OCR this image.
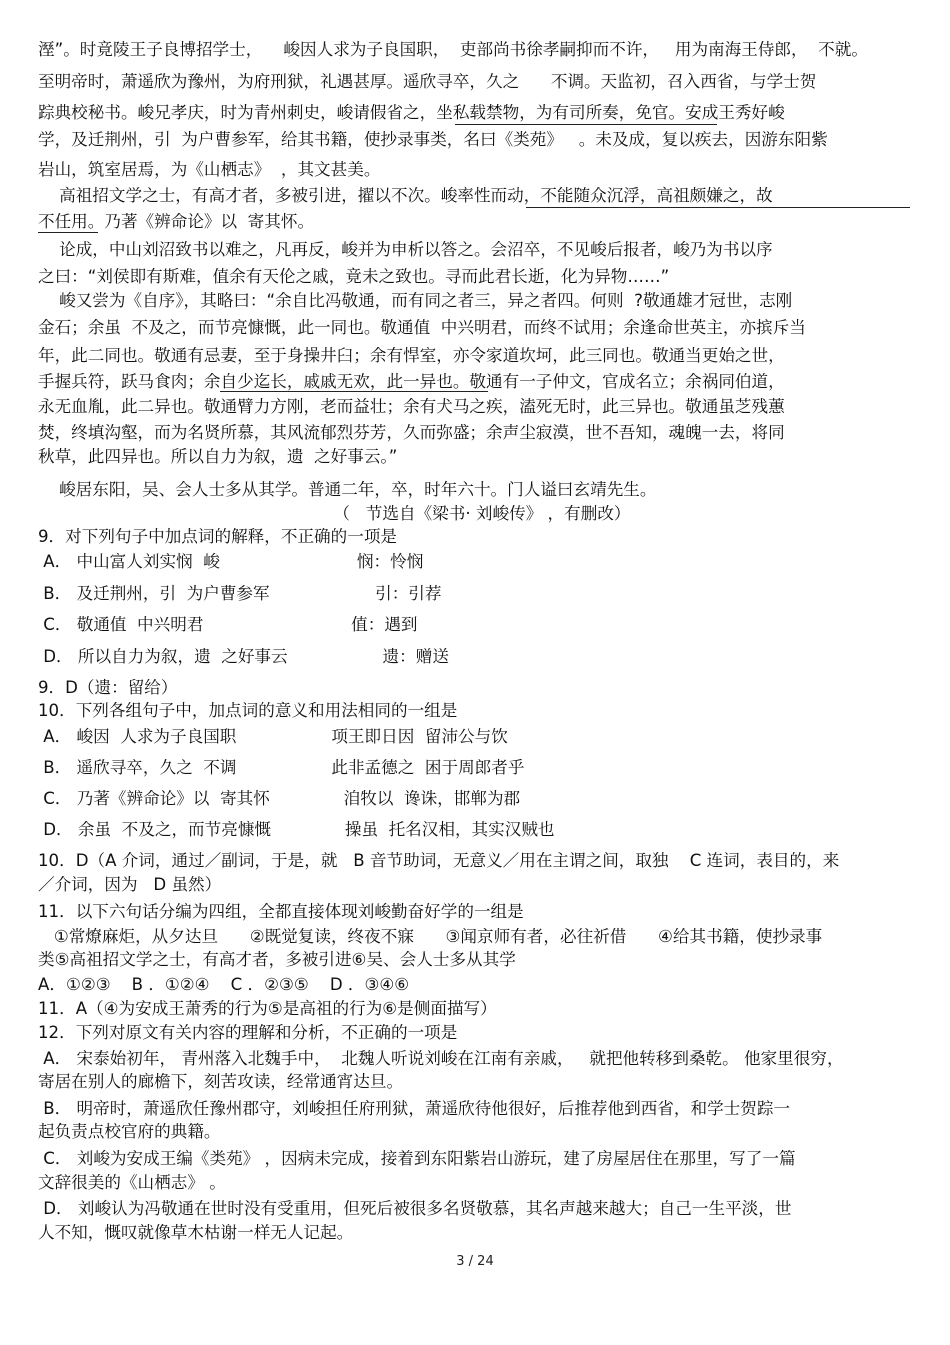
溼”。时竟陵王子良博招学士，    峻因人求为子良国职，  吏部尚书徐孝嗣抑而不许，   用为南海王侍郎，  不就。
至明帝时，萧遥欣为豫州，为府刑狱，礼遇甚厚。遥欣寻卒，久之      不调。天监初，召入西省，与学士贺
踪典校秘书。峻兄孝庆，时为青州刺史，峻请假省之，坐私载禁物，为有司所奏，免官。安成王秀好峻
学，及迁荆州，引  为户曹参军，给其书籍，使抄录事类，名曰《类苑》   。未及成，复以疾去，因游东阳紫
岩山，筑室居焉，为《山栖志》  ，其文甚美。
高祖招文学之士，有高才者，多被引进，擢以不次。峻率性而动，不能随众沉浮，高祖颇嫌之，故
不任用。乃著《辨命论》以  寄其怀。
论成，中山刘沼致书以难之，凡再反，峻并为申析以答之。会沼卒，不见峻后报者，峻乃为书以序
之曰：“刘侯即有斯难，值余有天伦之戚，竟未之致也。寻而此君长逝，化为异物……”
峻又尝为《自序》，其略曰：“余自比冯敬通，而有同之者三，异之者四。何则  ?敬通雄才冠世，志刚
金石；余虽  不及之，而节亮慷慨，此一同也。敬通值  中兴明君，而终不试用；余逢命世英主，亦摈斥当
年，此二同也。敬通有忌妻，至于身操井臼；余有悍室，亦令家道坎坷，此三同也。敬通当更始之世，
手握兵符，跃马食肉；余自少迄长，戚戚无欢，此一异也。敬通有一子仲文，官成名立；余祸同伯道，
永无血胤，此二异也。敬通臂力方刚，老而益壮；余有犬马之疾，溘死无时，此三异也。敬通虽芝残蕙
焚，终填沟壑，而为名贤所慕，其风流郁烈芬芳，久而弥盛；余声尘寂漠，世不吾知，魂魄一去，将同
秋草，此四异也。所以自力为叙，遗  之好事云。”
峻居东阳，吴、会人士多从其学。普通二年，卒，时年六十。门人谥曰玄靖先生。
（   节选自《梁书· 刘峻传》 ，有删改）
9．对下列句子中加点词的解释，不正确的一项是
A． 中山富人刘实悯  峻                          悯：怜悯
B． 及迁荆州，引  为户曹参军                    引：引荐
C． 敬通值  中兴明君                            值：遇到
D． 所以自力为叙，遗  之好事云                  遗：赠送
9．D（遗：留给）
10．下列各组句子中，加点词的意义和用法相同的一组是
A． 峻因  人求为子良国职                  项王即日因  留沛公与饮
B． 遥欣寻卒，久之  不调                  此非孟德之  困于周郎者乎
C． 乃著《辨命论》以  寄其怀              洎牧以  谗诛，邯郸为郡
D． 余虽  不及之，而节亮慷慨              操虽  托名汉相，其实汉贼也
10．D（A 介词，通过／副词，于是，就   B 音节助词，无意义／用在主谓之间，取独    C 连词，表目的，来
／介词，因为   D 虽然）
11．以下六句话分编为四组，全都直接体现刘峻勤奋好学的一组是
①常燎麻炬，从夕达旦      ②既觉复读，终夜不寐      ③闻京师有者，必往祈借      ④给其书籍，使抄录事
类⑤高祖招文学之士，有高才者，多被引进⑥吴、会人士多从其学
A．①②③    B ．①②④    C ．②③⑤    D ．③④⑥
11．A（④为安成王萧秀的行为⑤是高祖的行为⑥是侧面描写）
12．下列对原文有关内容的理解和分析，不正确的一项是
A． 宋泰始初年， 青州落入北魏手中，  北魏人听说刘峻在江南有亲戚，   就把他转移到桑乾。 他家里很穷，
寄居在别人的廊檐下，刻苦攻读，经常通宵达旦。
B． 明帝时，萧遥欣任豫州郡守，刘峻担任府刑狱，萧遥欣待他很好，后推荐他到西省，和学士贺踪一
起负责点校官府的典籍。
C． 刘峻为安成王编《类苑》 ，因病未完成，接着到东阳紫岩山游玩，建了房屋居住在那里，写了一篇
文辞很美的《山栖志》 。
D． 刘峻认为冯敬通在世时没有受重用，但死后被很多名贤敬慕，其名声越来越大；自己一生平淡，世
人不知，慨叹就像草木枯谢一样无人记起。
3 / 24
